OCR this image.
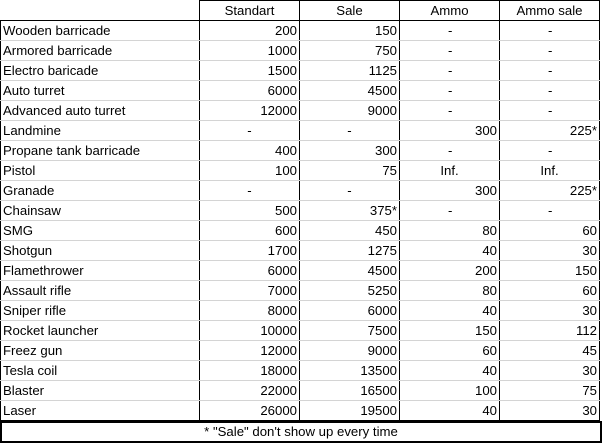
	Standart	Sale	Ammo	Ammo sale
Wooden barricade	200	150	-	-
Armored barricade	1000	750	-	-
Electro baricade	1500	1125	-	-
Auto turret	6000	4500	-	-
Advanced auto turret	12000	9000	-	-
Landmine	-	-	300	225*
Propane tank barricade	400	300	-	-
Pistol	100	75	Inf.	Inf.
Granade	-	-	300	225*
Chainsaw	500	375*	-	-
SMG	600	450	80	60
Shotgun	1700	1275	40	30
Flamethrower	6000	4500	200	150
Assault rifle	7000	5250	80	60
Sniper rifle	8000	6000	40	30
Rocket launcher	10000	7500	150	112
Freez gun	12000	9000	60	45
Tesla coil	18000	13500	40	30
Blaster	22000	16500	100	75
Laser	26000	19500	40	30
* "Sale" don't show up every time
